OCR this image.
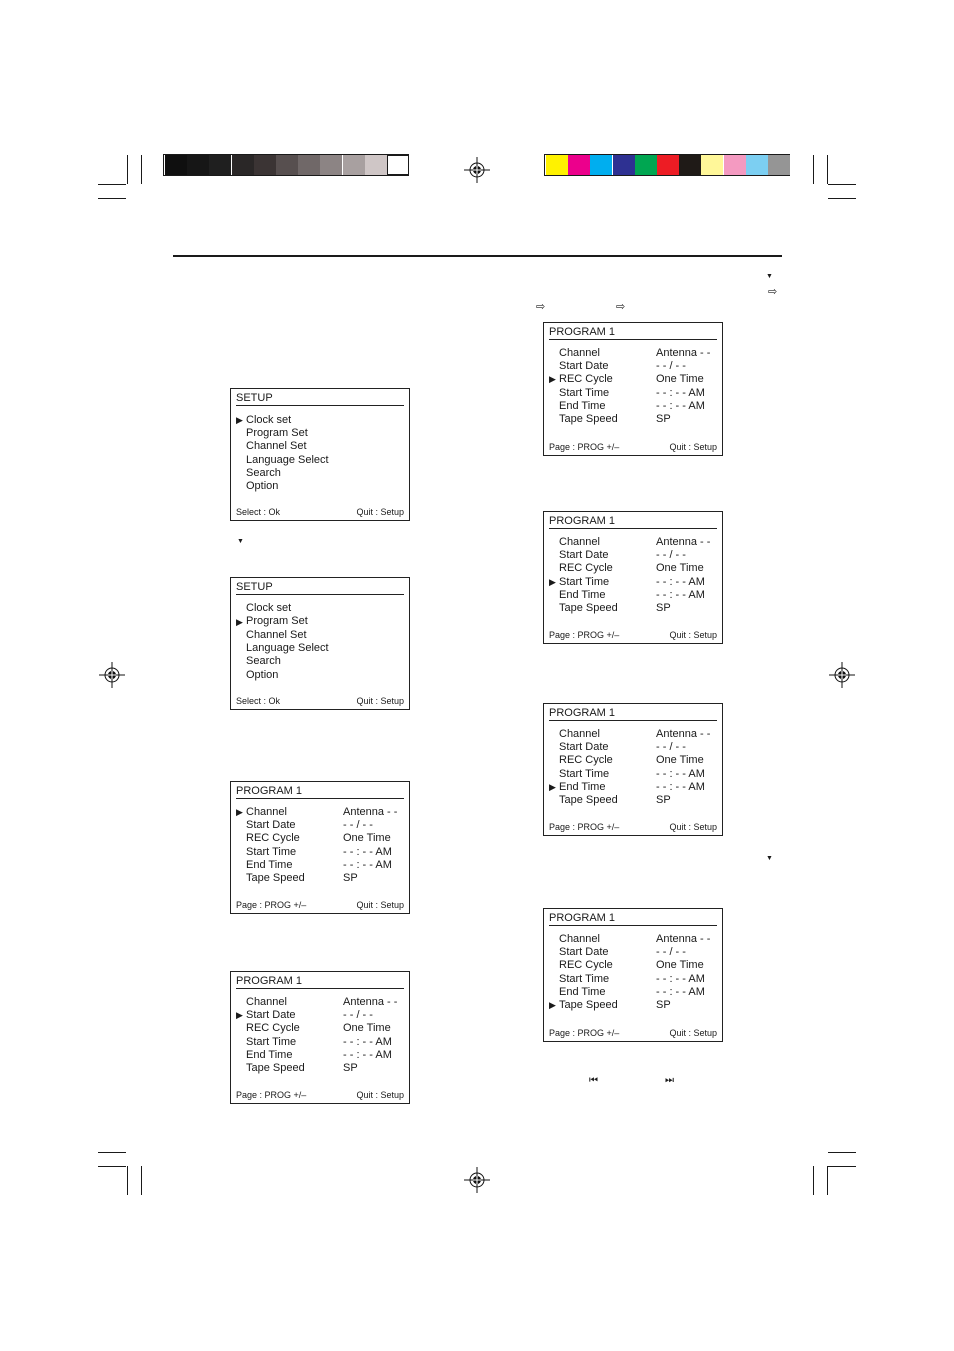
▼
▼
▼
⇨
⇨	⇨
⏮	⏭
SETUP
▶ Clock set
Program Set
Channel Set
Language Select
Search
Option
Select : Ok	Quit : Setup
SETUP
▶
Clock set
Program Set
Channel Set
Language Select
Search
Option
Select : Ok	Quit : Setup
PROGRAM 1
▶ Channel	Antenna - -
Start Date	- - / - -
REC Cycle	One Time
Start Time	- - : - - AM
End Time	- - : - - AM
Tape Speed	SP
Page : PROG +/–	Quit : Setup
PROGRAM 1
▶
Channel	Antenna - -
Start Date	- - / - -
REC Cycle	One Time
Start Time	- - : - - AM
End Time	- - : - - AM
Tape Speed	SP
Page : PROG +/–	Quit : Setup
PROGRAM 1
▶
Channel	Antenna - -
Start Date	- - / - -
REC Cycle	One Time
Start Time	- - : - - AM
End Time	- - : - - AM
Tape Speed	SP
Page : PROG +/–	Quit : Setup
PROGRAM 1
▶
Channel	Antenna - -
Start Date	- - / - -
REC Cycle	One Time
Start Time	- - : - - AM
End Time	- - : - - AM
Tape Speed	SP
Page : PROG +/–	Quit : Setup
PROGRAM 1
▶
Channel	Antenna - -
Start Date	- - / - -
REC Cycle	One Time
Start Time	- - : - - AM
End Time	- - : - - AM
Tape Speed	SP
Page : PROG +/–	Quit : Setup
PROGRAM 1
▶
Channel	Antenna - -
Start Date	- - / - -
REC Cycle	One Time
Start Time	- - : - - AM
End Time	- - : - - AM
Tape Speed	SP
Page : PROG +/–	Quit : Setup
